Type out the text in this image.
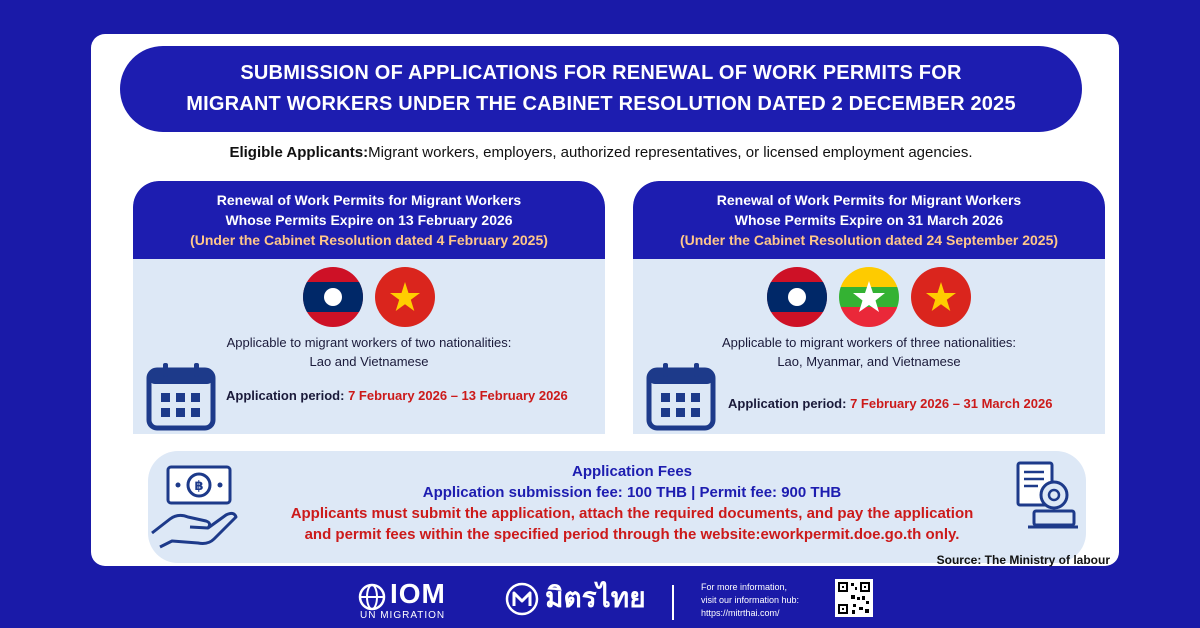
SUBMISSION OF APPLICATIONS FOR RENEWAL OF WORK PERMITS FOR
MIGRANT WORKERS UNDER THE CABINET RESOLUTION DATED 2 DECEMBER 2025
Eligible Applicants:Migrant workers, employers, authorized representatives, or licensed employment agencies.
Renewal of Work Permits for Migrant Workers
Whose Permits Expire on 13 February 2026
(Under the Cabinet Resolution dated 4 February 2025)
Applicable to migrant workers of two nationalities:
Lao and Vietnamese
Application period: 7 February 2026 – 13 February 2026
Renewal of Work Permits for Migrant Workers
Whose Permits Expire on 31 March 2026
(Under the Cabinet Resolution dated 24 September 2025)
Applicable to migrant workers of three nationalities:
Lao, Myanmar, and Vietnamese
Application period: 7 February 2026 – 31 March 2026
฿
Application Fees
Application submission fee: 100 THB | Permit fee: 900 THB
Applicants must submit the application, attach the required documents, and pay the application
and permit fees within the specified period through the website:eworkpermit.doe.go.th only.
Source: The Ministry of labour
IOM
UN MIGRATION
มิตรไทย	For more information,
visit our information hub:
https://mitrthai.com/
